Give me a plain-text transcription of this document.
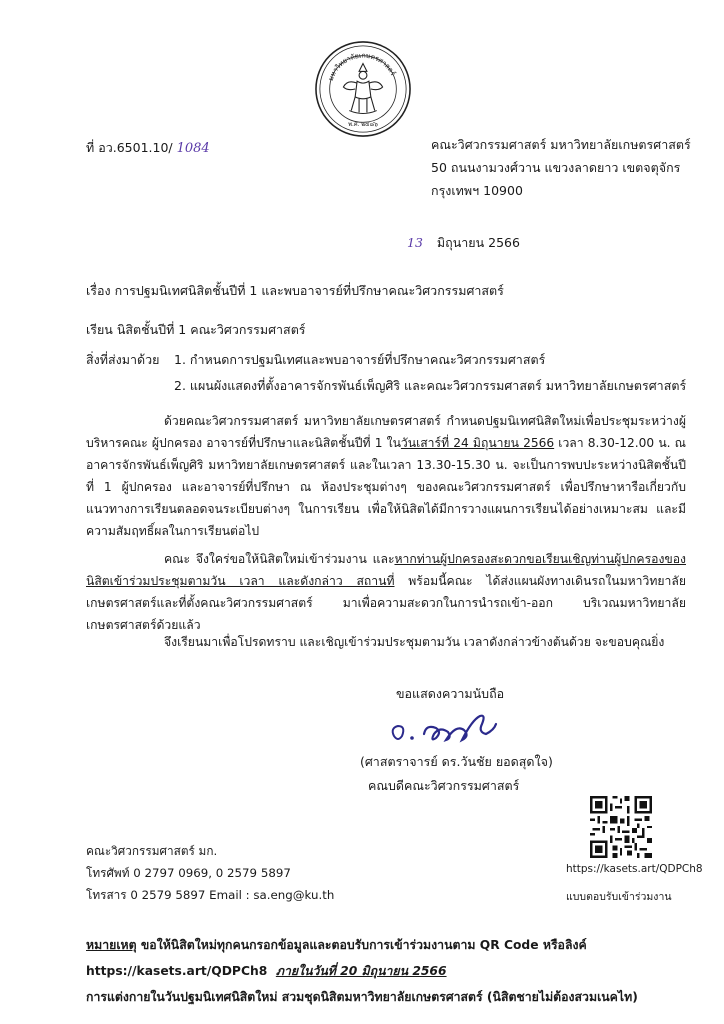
มหาวิทยาลัยเกษตรศาสตร์
พ.ศ. ๒๔๘๖
ที่ อว.6501.10/ 1084	คณะวิศวกรรมศาสตร์ มหาวิทยาลัยเกษตรศาสตร์
50 ถนนงามวงศ์วาน แขวงลาดยาว เขตจตุจักร
กรุงเทพฯ 10900
13 มิถุนายน 2566
เรื่อง การปฐมนิเทศนิสิตชั้นปีที่ 1 และพบอาจารย์ที่ปรึกษาคณะวิศวกรรมศาสตร์
เรียน นิสิตชั้นปีที่ 1 คณะวิศวกรรมศาสตร์
สิ่งที่ส่งมาด้วย 1. กำหนดการปฐมนิเทศและพบอาจารย์ที่ปรึกษาคณะวิศวกรรมศาสตร์
2. แผนผังแสดงที่ตั้งอาคารจักรพันธ์เพ็ญศิริ และคณะวิศวกรรมศาสตร์ มหาวิทยาลัยเกษตรศาสตร์
ด้วยคณะวิศวกรรมศาสตร์ มหาวิทยาลัยเกษตรศาสตร์ กำหนดปฐมนิเทศนิสิตใหม่เพื่อประชุมระหว่างผู้บริหารคณะ ผู้ปกครอง อาจารย์ที่ปรึกษาและนิสิตชั้นปีที่ 1 ในวันเสาร์ที่ 24 มิถุนายน 2566 เวลา 8.30-12.00 น. ณ อาคารจักรพันธ์เพ็ญศิริ มหาวิทยาลัยเกษตรศาสตร์ และในเวลา 13.30-15.30 น. จะเป็นการพบปะระหว่างนิสิตชั้นปีที่ 1 ผู้ปกครอง และอาจารย์ที่ปรึกษา ณ ห้องประชุมต่างๆ ของคณะวิศวกรรมศาสตร์ เพื่อปรึกษาหารือเกี่ยวกับแนวทางการเรียนตลอดจนระเบียบต่างๆ ในการเรียน เพื่อให้นิสิตได้มีการวางแผนการเรียนได้อย่างเหมาะสม และมีความสัมฤทธิ์ผลในการเรียนต่อไป
คณะ จึงใคร่ขอให้นิสิตใหม่เข้าร่วมงาน และหากท่านผู้ปกครองสะดวกขอเรียนเชิญท่านผู้ปกครองของนิสิตเข้าร่วมประชุมตามวัน เวลา และดังกล่าว สถานที่ พร้อมนี้คณะ ได้ส่งแผนผังทางเดินรถในมหาวิทยาลัยเกษตรศาสตร์และที่ตั้งคณะวิศวกรรมศาสตร์ มาเพื่อความสะดวกในการนำรถเข้า-ออก บริเวณมหาวิทยาลัยเกษตรศาสตร์ด้วยแล้ว
จึงเรียนมาเพื่อโปรดทราบ และเชิญเข้าร่วมประชุมตามวัน เวลาดังกล่าวข้างต้นด้วย จะขอบคุณยิ่ง
ขอแสดงความนับถือ
(ศาสตราจารย์ ดร.วันชัย ยอดสุดใจ)
คณบดีคณะวิศวกรรมศาสตร์
คณะวิศวกรรมศาสตร์ มก.
โทรศัพท์ 0 2797 0969, 0 2579 5897
โทรสาร 0 2579 5897 Email : sa.eng@ku.th
https://kasets.art/QDPCh8
แบบตอบรับเข้าร่วมงาน
หมายเหตุ ขอให้นิสิตใหม่ทุกคนกรอกข้อมูลและตอบรับการเข้าร่วมงานตาม QR Code หรือลิงค์
https://kasets.art/QDPCh8 ภายในวันที่ 20 มิถุนายน 2566
การแต่งกายในวันปฐมนิเทศนิสิตใหม่ สวมชุดนิสิตมหาวิทยาลัยเกษตรศาสตร์ (นิสิตชายไม่ต้องสวมเนคไท)
